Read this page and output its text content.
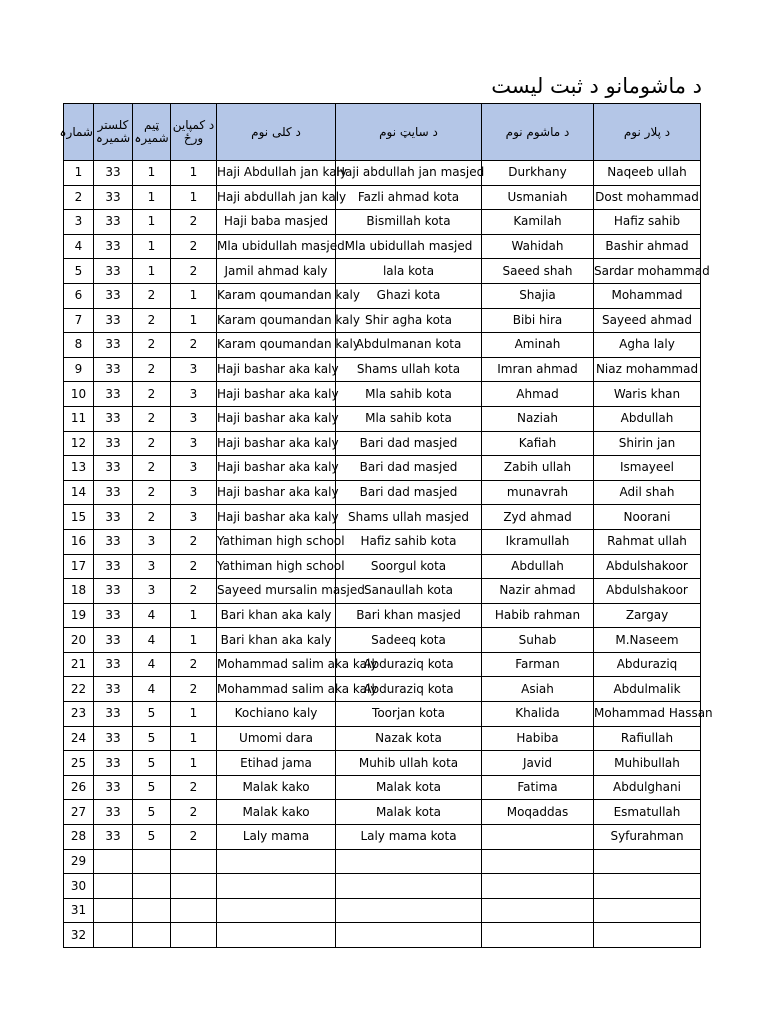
د ماشومانو د ثبت لیست
شمارہ	کلستر شمیرہ	ټیم شمیرہ	د کمپاین ورځ	د کلی نوم	د سایټ نوم	د ماشوم نوم	د پلار نوم
1	33	1	1	Haji Abdullah jan kaly	Haji abdullah jan masjed	Durkhany	Naqeeb ullah
2	33	1	1	Haji abdullah jan kaly	Fazli ahmad kota	Usmaniah	Dost mohammad
3	33	1	2	Haji baba masjed	Bismillah kota	Kamilah	Hafiz sahib
4	33	1	2	Mla ubidullah masjed	Mla ubidullah masjed	Wahidah	Bashir ahmad
5	33	1	2	Jamil ahmad kaly	lala kota	Saeed shah	Sardar mohammad
6	33	2	1	Karam qoumandan kaly	Ghazi kota	Shajia	Mohammad
7	33	2	1	Karam qoumandan kaly	Shir agha kota	Bibi hira	Sayeed ahmad
8	33	2	2	Karam qoumandan kaly	Abdulmanan kota	Aminah	Agha laly
9	33	2	3	Haji bashar aka kaly	Shams ullah kota	Imran ahmad	Niaz mohammad
10	33	2	3	Haji bashar aka kaly	Mla sahib kota	Ahmad	Waris khan
11	33	2	3	Haji bashar aka kaly	Mla sahib kota	Naziah	Abdullah
12	33	2	3	Haji bashar aka kaly	Bari dad masjed	Kafiah	Shirin jan
13	33	2	3	Haji bashar aka kaly	Bari dad masjed	Zabih ullah	Ismayeel
14	33	2	3	Haji bashar aka kaly	Bari dad masjed	munavrah	Adil shah
15	33	2	3	Haji bashar aka kaly	Shams ullah masjed	Zyd ahmad	Noorani
16	33	3	2	Yathiman high school	Hafiz sahib kota	Ikramullah	Rahmat ullah
17	33	3	2	Yathiman high school	Soorgul kota	Abdullah	Abdulshakoor
18	33	3	2	Sayeed mursalin masjed	Sanaullah kota	Nazir ahmad	Abdulshakoor
19	33	4	1	Bari khan aka kaly	Bari khan masjed	Habib rahman	Zargay
20	33	4	1	Bari khan aka kaly	Sadeeq kota	Suhab	M.Naseem
21	33	4	2	Mohammad salim aka kaly	Abduraziq kota	Farman	Abduraziq
22	33	4	2	Mohammad salim aka kaly	Abduraziq kota	Asiah	Abdulmalik
23	33	5	1	Kochiano kaly	Toorjan kota	Khalida	Mohammad Hassan
24	33	5	1	Umomi dara	Nazak kota	Habiba	Rafiullah
25	33	5	1	Etihad jama	Muhib ullah kota	Javid	Muhibullah
26	33	5	2	Malak kako	Malak kota	Fatima	Abdulghani
27	33	5	2	Malak kako	Malak kota	Moqaddas	Esmatullah
28	33	5	2	Laly mama	Laly mama kota		Syfurahman
29							
30							
31							
32							
